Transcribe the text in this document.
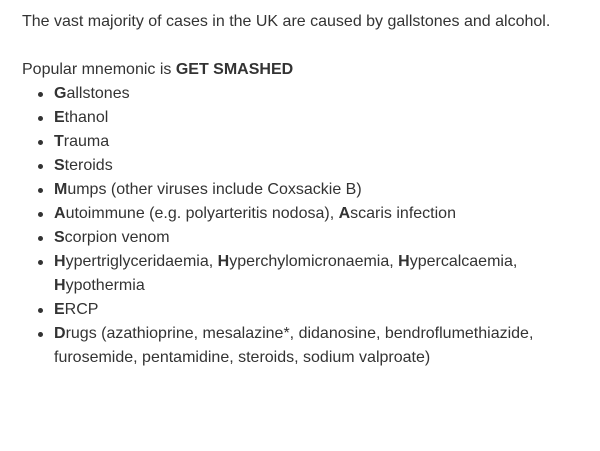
The vast majority of cases in the UK are caused by gallstones and alcohol.

Popular mnemonic is GET SMASHED

Gallstones
Ethanol
Trauma
Steroids
Mumps (other viruses include Coxsackie B)
Autoimmune (e.g. polyarteritis nodosa), Ascaris infection
Scorpion venom
Hypertriglyceridaemia, Hyperchylomicronaemia, Hypercalcaemia, Hypothermia
ERCP
Drugs (azathioprine, mesalazine*, didanosine, bendroflumethiazide, furosemide, pentamidine, steroids, sodium valproate)
